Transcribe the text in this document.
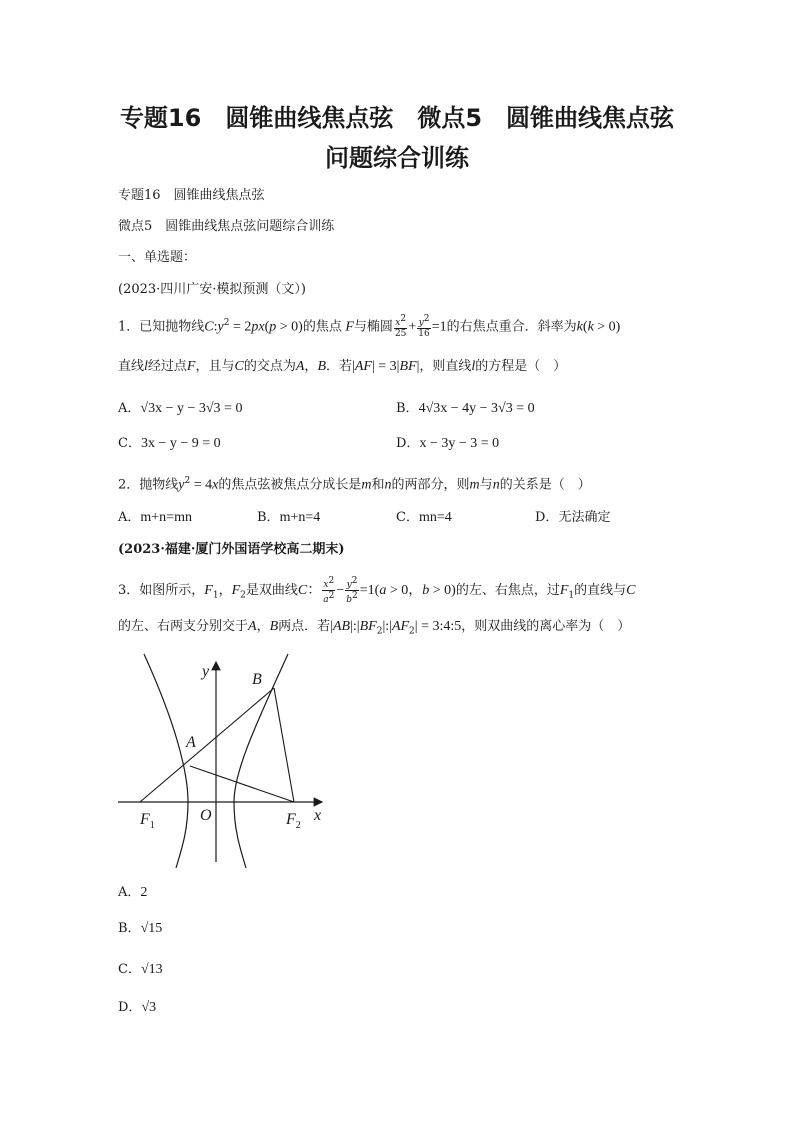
专题16　圆锥曲线焦点弦　微点5　圆锥曲线焦点弦
问题综合训练
专题16　圆锥曲线焦点弦
微点5　圆锥曲线焦点弦问题综合训练
一、单选题：
(2023·四川广安·模拟预测（文）)
1．已知抛物线$C:y^2 = 2px(p > 0)$的焦点 F与椭圆 $\frac{x^2}{25} + \frac{y^2}{16} =1$的右焦点重合．斜率为k(k > 0)
直线l经过点F，且与C的交点为A，B．若|AF| = 3|BF|，则直线l的方程是（　）
A．√3x − y − 3√3 = 0	B．4√3x − 4y − 3√3 = 0
C．3x − y − 9 = 0	D．x − 3y − 3 = 0
2．抛物线$y^2 = 4x$的焦点弦被焦点分成长是m和n的两部分，则m与n的关系是（　）
A．m+n=mn	B．m+n=4	C．mn=4	D．无法确定
(2023·福建·厦门外国语学校高二期末)
3．如图所示，$F_1$，$F_2$是双曲线C： $\frac{x^2}{a^2} - \frac{y^2}{b^2} =1(a > 0$，b > 0)的左、右焦点，过$F_1$的直线与C
的左、右两支分别交于A，B两点．若$|AB|:|BF_2|:|AF_2|$ = 3:4:5，则双曲线的离心率为（　）
y	B
A
$F_1$
O	$F_2$
x
A．2
B．√15
C．√13
D．√3
